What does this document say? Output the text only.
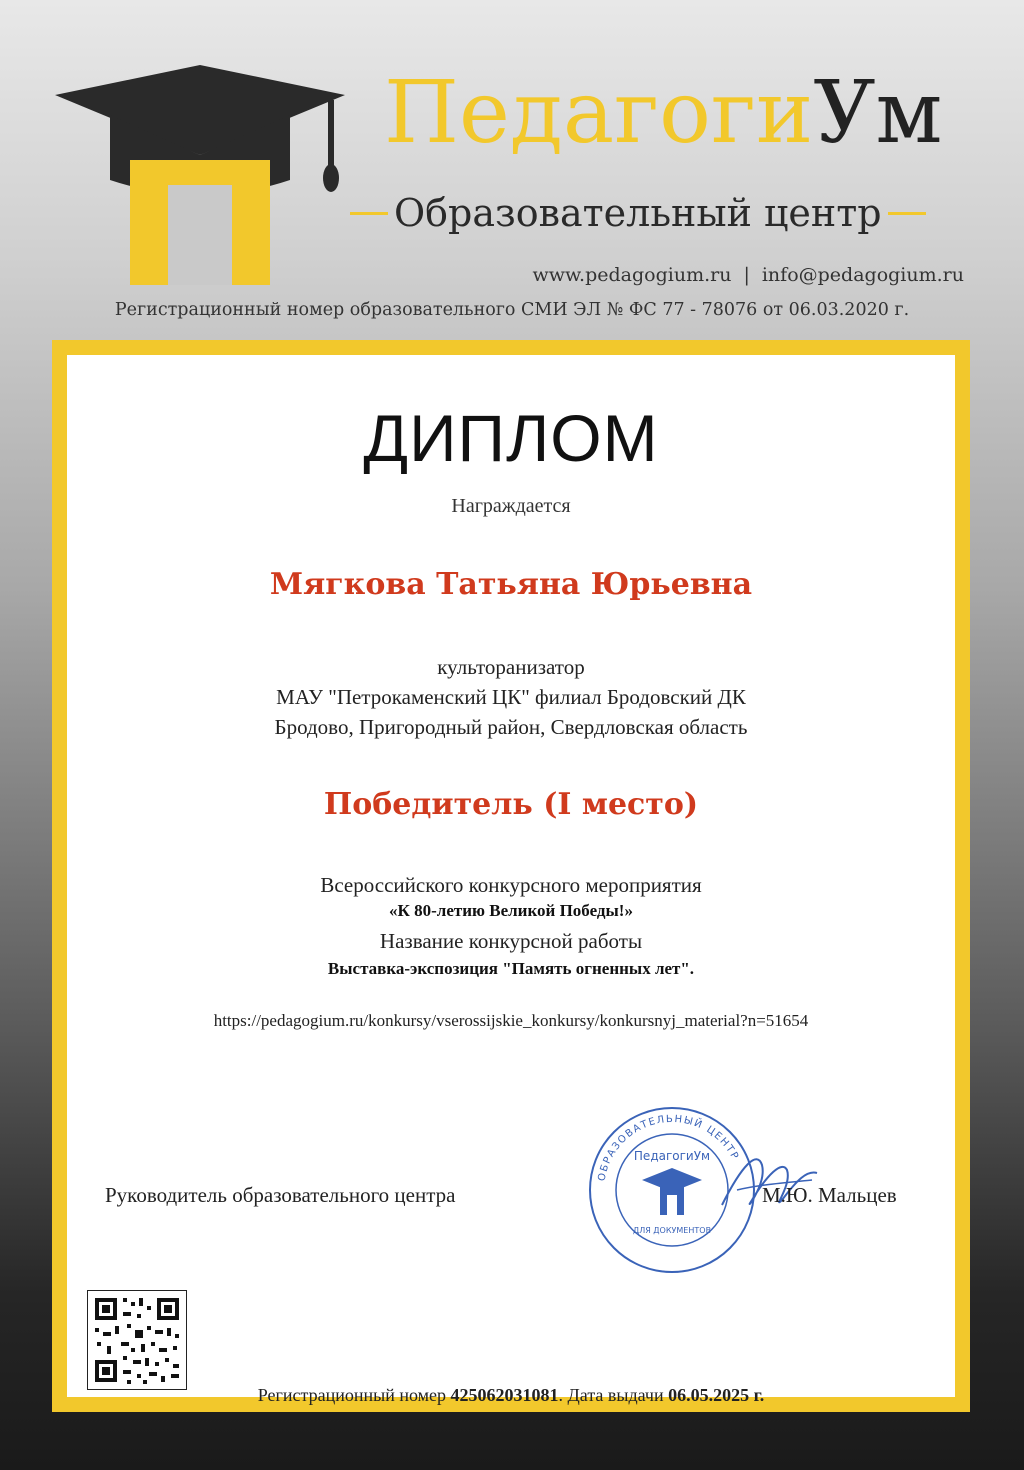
ПедагогиУм
Образовательный центр
www.pedagogium.ru | info@pedagogium.ru
Регистрационный номер образовательного СМИ ЭЛ № ФС 77 - 78076 от 06.03.2020 г.
ДИПЛОМ
Награждается
Мягкова Татьяна Юрьевна
культоранизатор
МАУ "Петрокаменский ЦК" филиал Бродовский ДК
Бродово, Пригородный район, Свердловская область
Победитель (I место)
Всероссийского конкурсного мероприятия
«К 80-летию Великой Победы!»
Название конкурсной работы
Выставка-экспозиция "Память огненных лет".
https://pedagogium.ru/konkursy/vserossijskie_konkursy/konkursnyj_material?n=51654
Руководитель образовательного центра
ОБРАЗОВАТЕЛЬНЫЙ ЦЕНТР
ПедагогиУм
ДЛЯ ДОКУМЕНТОВ
М.Ю. Мальцев
Регистрационный номер 425062031081. Дата выдачи 06.05.2025 г.
